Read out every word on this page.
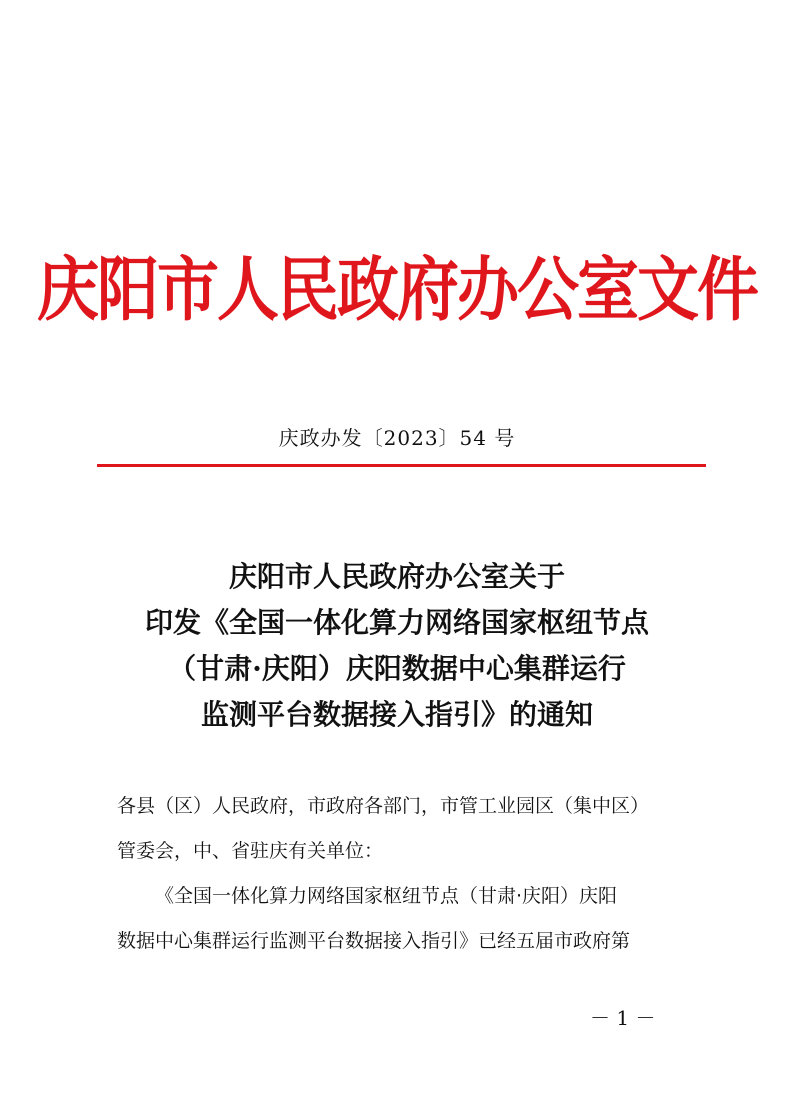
庆阳市人民政府办公室文件
庆政办发〔2023〕54 号
庆阳市人民政府办公室关于
印发《全国一体化算力网络国家枢纽节点
（甘肃·庆阳）庆阳数据中心集群运行
监测平台数据接入指引》的通知
各县（区）人民政府，市政府各部门，市管工业园区（集中区）
管委会，中、省驻庆有关单位：
《全国一体化算力网络国家枢纽节点（甘肃·庆阳）庆阳
数据中心集群运行监测平台数据接入指引》已经五届市政府第
－ 1 －
